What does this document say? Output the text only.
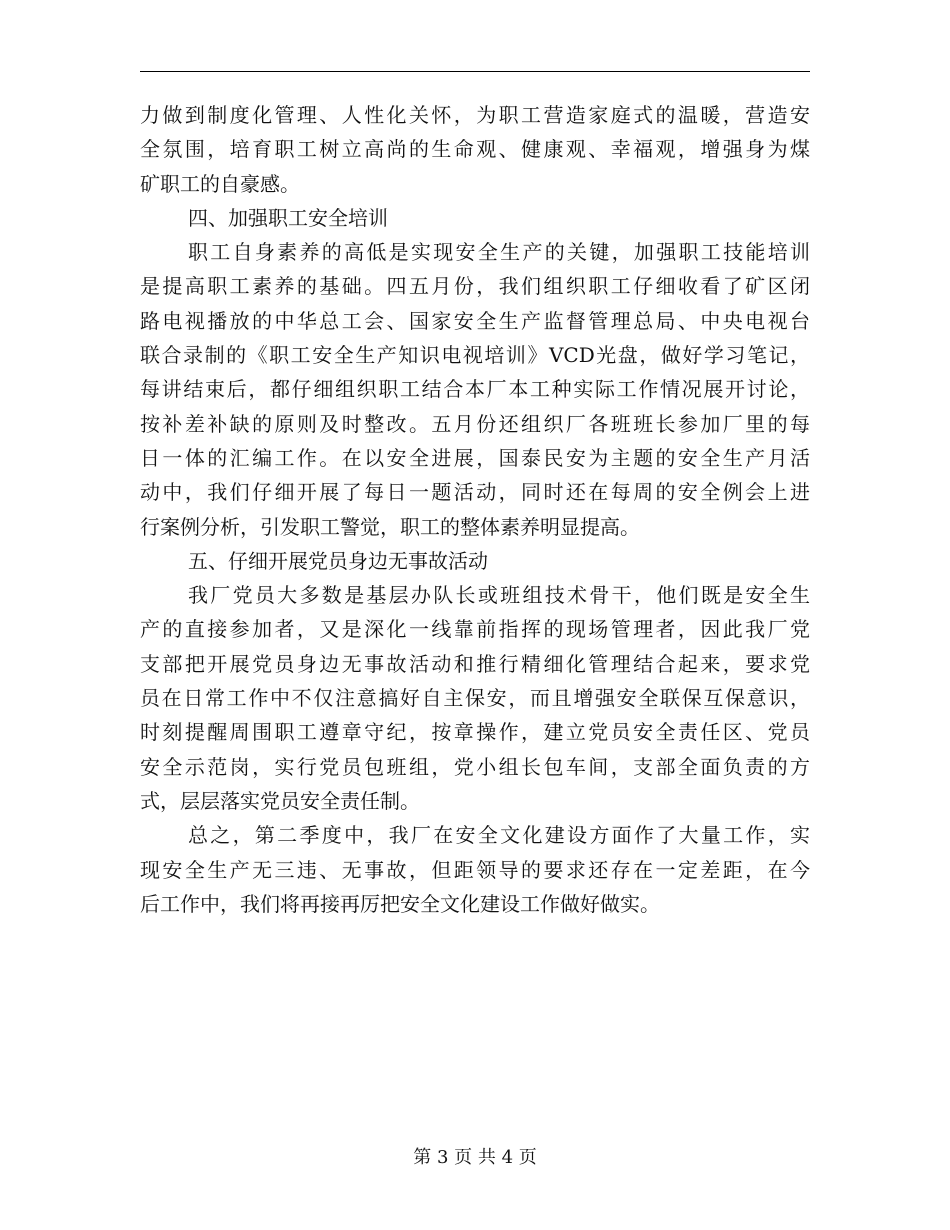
力做到制度化管理、人性化关怀，为职工营造家庭式的温暖，营造安
全氛围，培育职工树立高尚的生命观、健康观、幸福观，增强身为煤
矿职工的自豪感。
四、加强职工安全培训
职工自身素养的高低是实现安全生产的关键，加强职工技能培训
是提高职工素养的基础。四五月份，我们组织职工仔细收看了矿区闭
路电视播放的中华总工会、国家安全生产监督管理总局、中央电视台
联合录制的《职工安全生产知识电视培训》VCD光盘，做好学习笔记，
每讲结束后，都仔细组织职工结合本厂本工种实际工作情况展开讨论，
按补差补缺的原则及时整改。五月份还组织厂各班班长参加厂里的每
日一体的汇编工作。在以安全进展，国泰民安为主题的安全生产月活
动中，我们仔细开展了每日一题活动，同时还在每周的安全例会上进
行案例分析，引发职工警觉，职工的整体素养明显提高。
五、仔细开展党员身边无事故活动
我厂党员大多数是基层办队长或班组技术骨干，他们既是安全生
产的直接参加者，又是深化一线靠前指挥的现场管理者，因此我厂党
支部把开展党员身边无事故活动和推行精细化管理结合起来，要求党
员在日常工作中不仅注意搞好自主保安，而且增强安全联保互保意识，
时刻提醒周围职工遵章守纪，按章操作，建立党员安全责任区、党员
安全示范岗，实行党员包班组，党小组长包车间，支部全面负责的方
式，层层落实党员安全责任制。
总之，第二季度中，我厂在安全文化建设方面作了大量工作，实
现安全生产无三违、无事故，但距领导的要求还存在一定差距，在今
后工作中，我们将再接再厉把安全文化建设工作做好做实。
第 3 页 共 4 页
